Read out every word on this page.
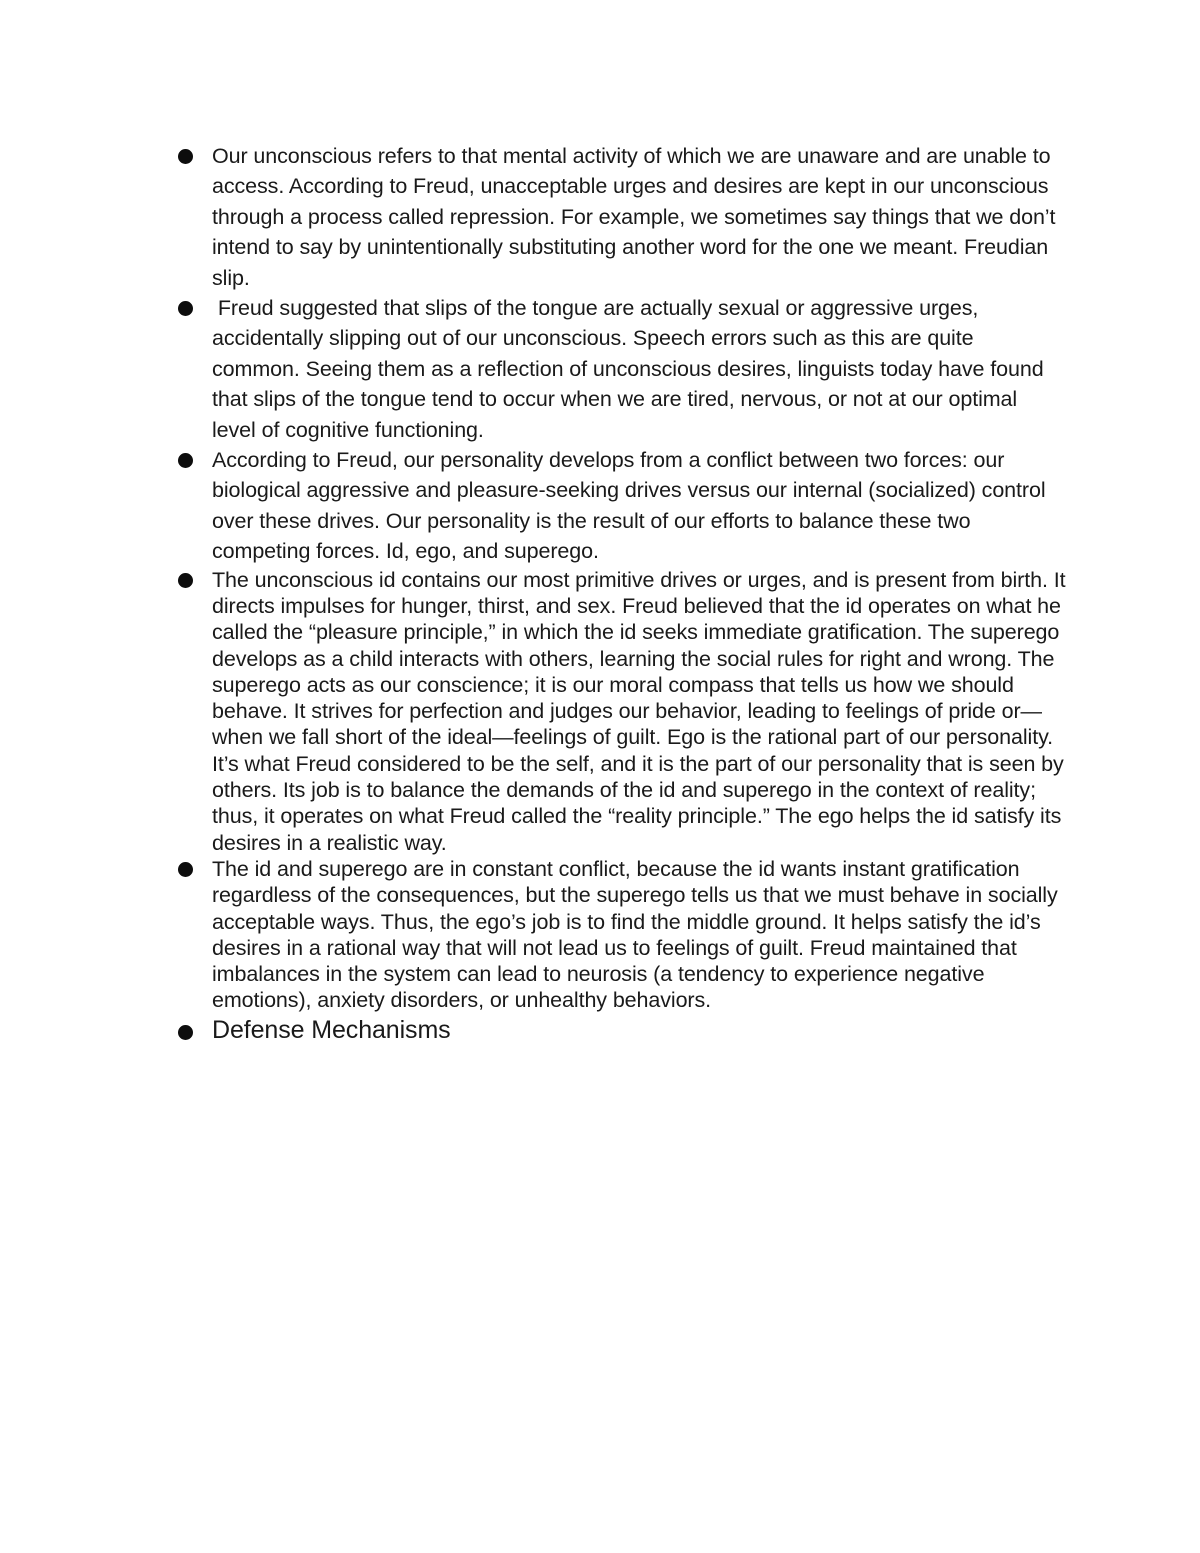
Our unconscious refers to that mental activity of which we are unaware and are unable to access. According to Freud, unacceptable urges and desires are kept in our unconscious through a process called repression. For example, we sometimes say things that we don’t intend to say by unintentionally substituting another word for the one we meant. Freudian slip.
Freud suggested that slips of the tongue are actually sexual or aggressive urges, accidentally slipping out of our unconscious. Speech errors such as this are quite common. Seeing them as a reflection of unconscious desires, linguists today have found that slips of the tongue tend to occur when we are tired, nervous, or not at our optimal level of cognitive functioning.
According to Freud, our personality develops from a conflict between two forces: our biological aggressive and pleasure-seeking drives versus our internal (socialized) control over these drives. Our personality is the result of our efforts to balance these two competing forces. Id, ego, and superego.
The unconscious id contains our most primitive drives or urges, and is present from birth. It directs impulses for hunger, thirst, and sex. Freud believed that the id operates on what he called the “pleasure principle,” in which the id seeks immediate gratification. The superego develops as a child interacts with others, learning the social rules for right and wrong. The superego acts as our conscience; it is our moral compass that tells us how we should behave. It strives for perfection and judges our behavior, leading to feelings of pride or—when we fall short of the ideal—feelings of guilt. Ego is the rational part of our personality. It’s what Freud considered to be the self, and it is the part of our personality that is seen by others. Its job is to balance the demands of the id and superego in the context of reality; thus, it operates on what Freud called the “reality principle.” The ego helps the id satisfy its desires in a realistic way.
The id and superego are in constant conflict, because the id wants instant gratification regardless of the consequences, but the superego tells us that we must behave in socially acceptable ways. Thus, the ego’s job is to find the middle ground. It helps satisfy the id’s desires in a rational way that will not lead us to feelings of guilt. Freud maintained that imbalances in the system can lead to neurosis (a tendency to experience negative emotions), anxiety disorders, or unhealthy behaviors.
Defense Mechanisms
